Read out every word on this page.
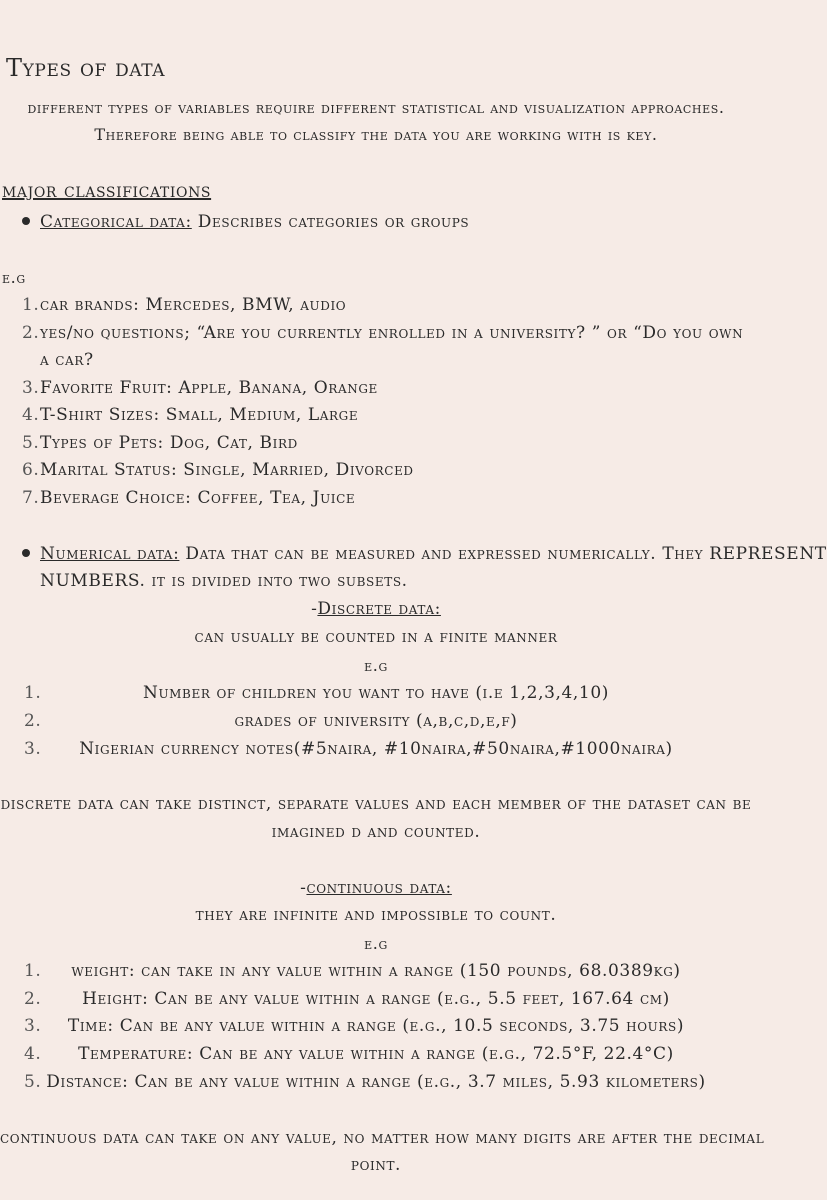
Types of data
different types of variables require different statistical and visualization approaches.
Therefore being able to classify the data you are working with is key.
major classifications
Categorical data: Describes categories or groups
e.g
1. car brands: Mercedes, BMW, audio
2. yes/no questions; “Are you currently enrolled in a university? ” or “Do you own a car?
3. Favorite Fruit: Apple, Banana, Orange
4. T-Shirt Sizes: Small, Medium, Large
5. Types of Pets: Dog, Cat, Bird
6. Marital Status: Single, Married, Divorced
7. Beverage Choice: Coffee, Tea, Juice
Numerical data: Data that can be measured and expressed numerically. They REPRESENT
NUMBERS. it is divided into two subsets.
-Discrete data:
can usually be counted in a finite manner
e.g
1.	Number of children you want to have (i.e 1,2,3,4,10)
2.	grades of university (a,b,c,d,e,f)
3.	Nigerian currency notes(#5naira, #10naira,#50naira,#1000naira)
discrete data can take distinct, separate values and each member of the dataset can be
imagined d and counted.
-continuous data:
they are infinite and impossible to count.
e.g
1.	weight: can take in any value within a range (150 pounds, 68.0389kg)
2.	Height: Can be any value within a range (e.g., 5.5 feet, 167.64 cm)
3.	Time: Can be any value within a range (e.g., 10.5 seconds, 3.75 hours)
4.	Temperature: Can be any value within a range (e.g., 72.5°F, 22.4°C)
5. Distance: Can be any value within a range (e.g., 3.7 miles, 5.93 kilometers)
continuous data can take on any value, no matter how many digits are after the decimal
point.
